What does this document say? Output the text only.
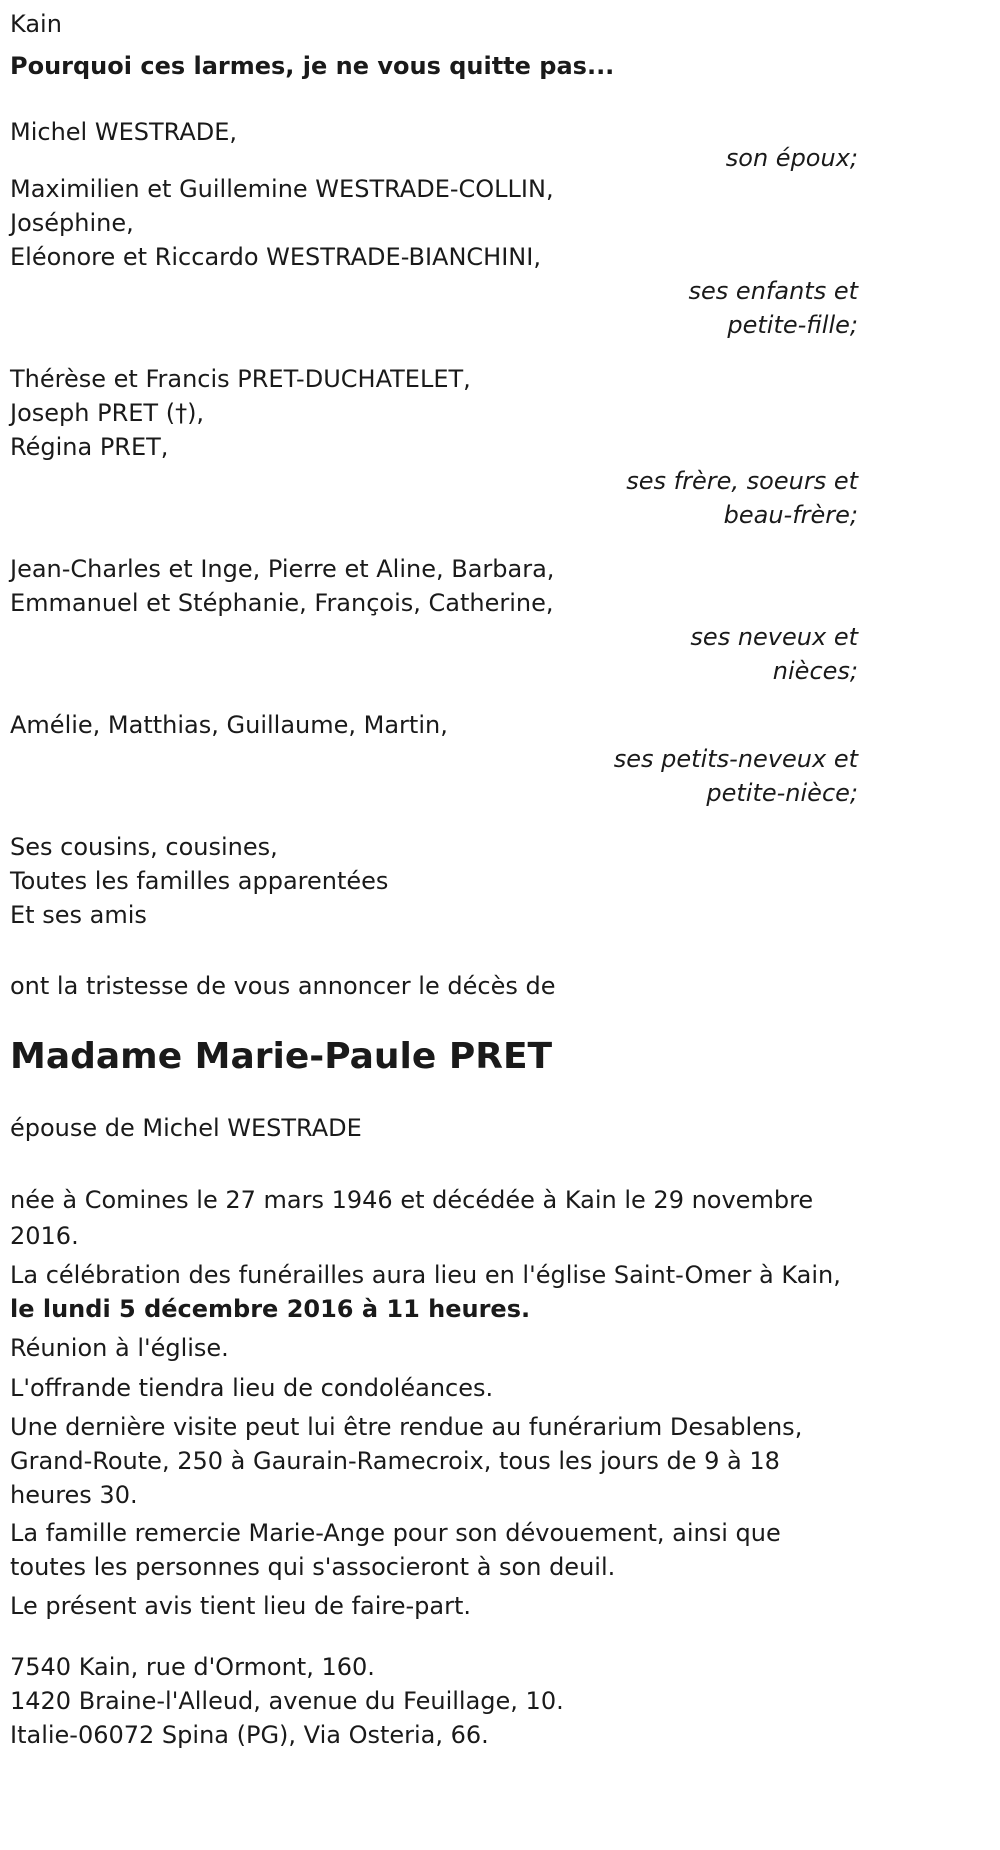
Kain
Pourquoi ces larmes, je ne vous quitte pas...
Michel WESTRADE,
son époux;
Maximilien et Guillemine WESTRADE-COLLIN,
Joséphine,
Eléonore et Riccardo WESTRADE-BIANCHINI,
ses enfants et
petite-fille;
Thérèse et Francis PRET-DUCHATELET,
Joseph PRET (†),
Régina PRET,
ses frère, soeurs et
beau-frère;
Jean-Charles et Inge, Pierre et Aline, Barbara,
Emmanuel et Stéphanie, François, Catherine,
ses neveux et
nièces;
Amélie, Matthias, Guillaume, Martin,
ses petits-neveux et
petite-nièce;
Ses cousins, cousines,
Toutes les familles apparentées
Et ses amis
ont la tristesse de vous annoncer le décès de
Madame Marie-Paule PRET
épouse de Michel WESTRADE
née à Comines le 27 mars 1946 et décédée à Kain le 29 novembre 2016.
La célébration des funérailles aura lieu en l'église Saint-Omer à Kain, le lundi 5 décembre 2016 à 11 heures.
Réunion à l'église.
L'offrande tiendra lieu de condoléances.
Une dernière visite peut lui être rendue au funérarium Desablens, Grand-Route, 250 à Gaurain-Ramecroix, tous les jours de 9 à 18 heures 30.
La famille remercie Marie-Ange pour son dévouement, ainsi que toutes les personnes qui s'associeront à son deuil.
Le présent avis tient lieu de faire-part.
7540 Kain, rue d'Ormont, 160.
1420 Braine-l'Alleud, avenue du Feuillage, 10.
Italie-06072 Spina (PG), Via Osteria, 66.
